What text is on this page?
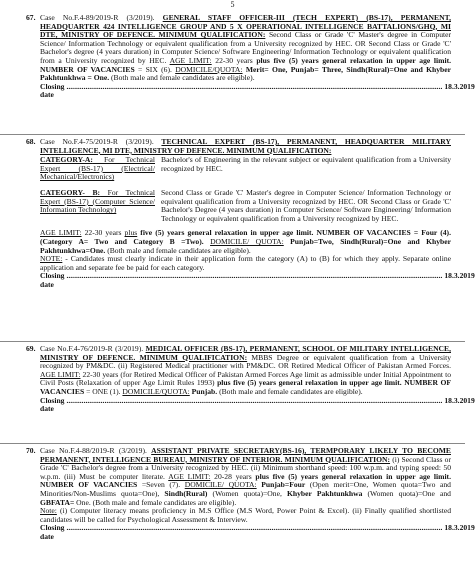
5
67. Case No.F.4-89/2019-R (3/2019). GENERAL STAFF OFFICER-III (TECH EXPERT) (BS-17), PERMANENT, HEADQUARTER 424 INTELLIGENCE GROUP AND 5 X OPERATIONAL INTELLIGENCE BATTALIONS/GHQ, MI DTE, MINISTRY OF DEFENCE. MINIMUM QUALIFICATION: Second Class or Grade 'C' Master's degree in Computer Science/ Information Technology or equivalent qualification from a University recognized by HEC. OR Second Class or Grade 'C' Bachelor's degree (4 years duration) in Computer Science/ Software Engineering/ Information Technology or equivalent qualification from a University recognized by HEC. AGE LIMIT: 22-30 years plus five (5) years general relaxation in upper age limit. NUMBER OF VACANCIES = SIX (6). DOMICILE/QUOTA: Merit= One, Punjab= Three, Sindh(Rural)=One and Khyber Pakhtunkhwa = One. (Both male and female candidates are eligible).

Closing date
...................................................................................................................................................................................................... 18.3.2019
68. Case No.F.4-75/2019-R (3/2019). TECHNICAL EXPERT (BS-17), PERMANENT, HEADQUARTER MILITARY INTELLIGENCE, MI DTE, MINISTRY OF DEFENCE. MINIMUM QUALIFICATION:

CATEGORY-A: For Technical Expert (BS-17) (Electrical/ Mechanical/Electronics)
Bachelor's of Engineering in the relevant subject or equivalent qualification from a University recognized by HEC.
CATEGORY- B: For Technical Expert (BS-17) (Computer Science/ Information Technology)
Second Class or Grade 'C' Master's degree in Computer Science/ Information Technology or equivalent qualification from a University recognized by HEC. OR Second Class or Grade 'C' Bachelor's Degree (4 years duration) in Computer Science/ Software Engineering/ Information Technology or equivalent qualification from a University recognized by HEC.

AGE LIMIT: 22-30 years plus five (5) years general relaxation in upper age limit. NUMBER OF VACANCIES = Four (4). (Category A= Two and Category B =Two). DOMICILE/ QUOTA: Punjab=Two, Sindh(Rural)=One and Khyber Pakhtunkhwa=One. (Both male and female candidates are eligible).

NOTE: - Candidates must clearly indicate in their application form the category (A) to (B) for which they apply. Separate online application and separate fee be paid for each category.

Closing date
...................................................................................................................................................................................................... 18.3.2019
69. Case No.F.4-76/2019-R (3/2019). MEDICAL OFFICER (BS-17), PERMANENT, SCHOOL OF MILITARY INTELLIGENCE, MINISTRY OF DEFENCE. MINIMUM QUALIFICATION: MBBS Degree or equivalent qualification from a University recognized by PM&DC. (ii) Registered Medical practitioner with PM&DC. OR Retired Medical Officer of Pakistan Armed Forces. AGE LIMIT: 22-30 years (for Retired Medical Officer of Pakistan Armed Forces Age limit as admissible under Initial Appointment to Civil Posts (Relaxation of upper Age Limit Rules 1993) plus five (5) years general relaxation in upper age limit. NUMBER OF VACANCIES = ONE (1). DOMICILE/QUOTA: Punjab. (Both male and female candidates are eligible).

Closing date
...................................................................................................................................................................................................... 18.3.2019
70. Case No.F.4-88/2019-R (3/2019). ASSISTANT PRIVATE SECRETARY(BS-16), TERMPORARY LIKELY TO BECOME PERMANENT, INTELLIGENCE BUREAU, MINISTRY OF INTERIOR. MINIMUM QUALIFICATION: (i) Second Class or Grade 'C' Bachelor's degree from a University recognized by HEC. (ii) Minimum shorthand speed: 100 w.p.m. and typing speed: 50 w.p.m. (iii) Must be computer literate. AGE LIMIT: 20-28 years plus five (5) years general relaxation in upper age limit. NUMBER OF VACANCIES =Seven (7). DOMICILE/ QUOTA: Punjab=Four (Open merit=One, Women quota=Two and Minorities/Non-Muslims quota=One), Sindh(Rural) (Women quota)=One, Khyber Pakhtunkhwa (Women quota)=One and GBFATA= One. (Both male and female candidates are eligible).

Note: (i) Computer literacy means proficiency in M.S Office (M.S Word, Power Point & Excel). (ii) Finally qualified shortlisted candidates will be called for Psychological Assessment & Interview.

Closing date
...................................................................................................................................................................................................... 18.3.2019
